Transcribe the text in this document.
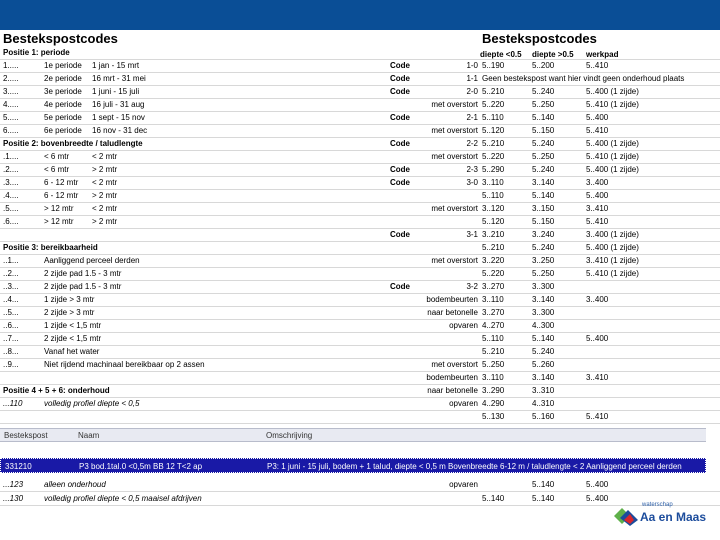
Bestekspostcodes	Bestekspostcodes
diepte <0.5 diepte >0.5 werkpad
Positie 1: periode
1.....	1e periode 1 jan - 15 mrt	Code	1-0 5..190	5..200	5..410
2.....	2e periode 16 mrt - 31 mei	Code	1-1 Geen bestekspost want hier vindt geen onderhoud plaats
3.....	3e periode 1 juni - 15 juli	Code	2-0 5..210	5..240	5..400 (1 zijde)
4.....	4e periode 16 juli - 31 aug	met overstort 5..220	5..250	5..410 (1 zijde)
5.....	5e periode 1 sept - 15 nov	Code	2-1 5..110	5..140	5..400
6.....	6e periode 16 nov - 31 dec	met overstort 5..120	5..150	5..410
Positie 2: bovenbreedte / taludlengte	Code	2-2 5..210	5..240	5..400 (1 zijde)
.1....	< 6 mtr	< 2 mtr	met overstort 5..220	5..250	5..410 (1 zijde)
.2....	< 6 mtr	> 2 mtr	Code	2-3 5..290	5..240	5..400 (1 zijde)
.3....	6 - 12 mtr < 2 mtr	Code	3-0 3..110	3..140	3..400
.4....	6 - 12 mtr > 2 mtr	5..110	5..140	5..400
.5....	> 12 mtr < 2 mtr	met overstort 3..120	3..150	3..410
.6....	> 12 mtr > 2 mtr	5..120	5..150	5..410
Code	3-1 3..210	3..240	3..400 (1 zijde)
Positie 3: bereikbaarheid	5..210	5..240	5..400 (1 zijde)
..1...	Aanliggend perceel derden	met overstort 3..220	3..250	3..410 (1 zijde)
..2...	2 zijde pad 1.5 - 3 mtr	5..220	5..250	5..410 (1 zijde)
..3...	2 zijde pad 1.5 - 3 mtr	Code	3-2 3..270	3..300
..4...	1 zijde > 3 mtr	bodembeurten 3..110	3..140	3..400
..5...	2 zijde > 3 mtr	naar betonelle 3..270	3..300
..6...	1 zijde < 1,5 mtr	opvaren 4..270	4..300
..7...	2 zijde < 1,5 mtr	5..110	5..140	5..400
..8...	Vanaf het water	5..210	5..240
..9...	Niet rijdend machinaal bereikbaar op 2 assen	met overstort 5..250	5..260
bodembeurten 3..110	3..140	3..410
Positie 4 + 5 + 6: onderhoud	naar betonelle 3..290	3..310
...110	volledig profiel diepte < 0,5	opvaren 4..290	4..310
5..130	5..160	5..410
Bestekspost	Naam	Omschrijving
331210	P3 bod.1tal.0 <0,5m BB 12 T<2 ap	P3: 1 juni - 15 juli, bodem + 1 talud, diepte < 0,5 m Bovenbreedte 6-12 m / taludlengte < 2 Aanliggend perceel derden
...123	alleen onderhoud	opvaren	5..140	5..400
...130	volledig profiel diepte < 0,5 maaisel afdrijven	5..140	5..140	5..400
waterschap
Aa en Maas
